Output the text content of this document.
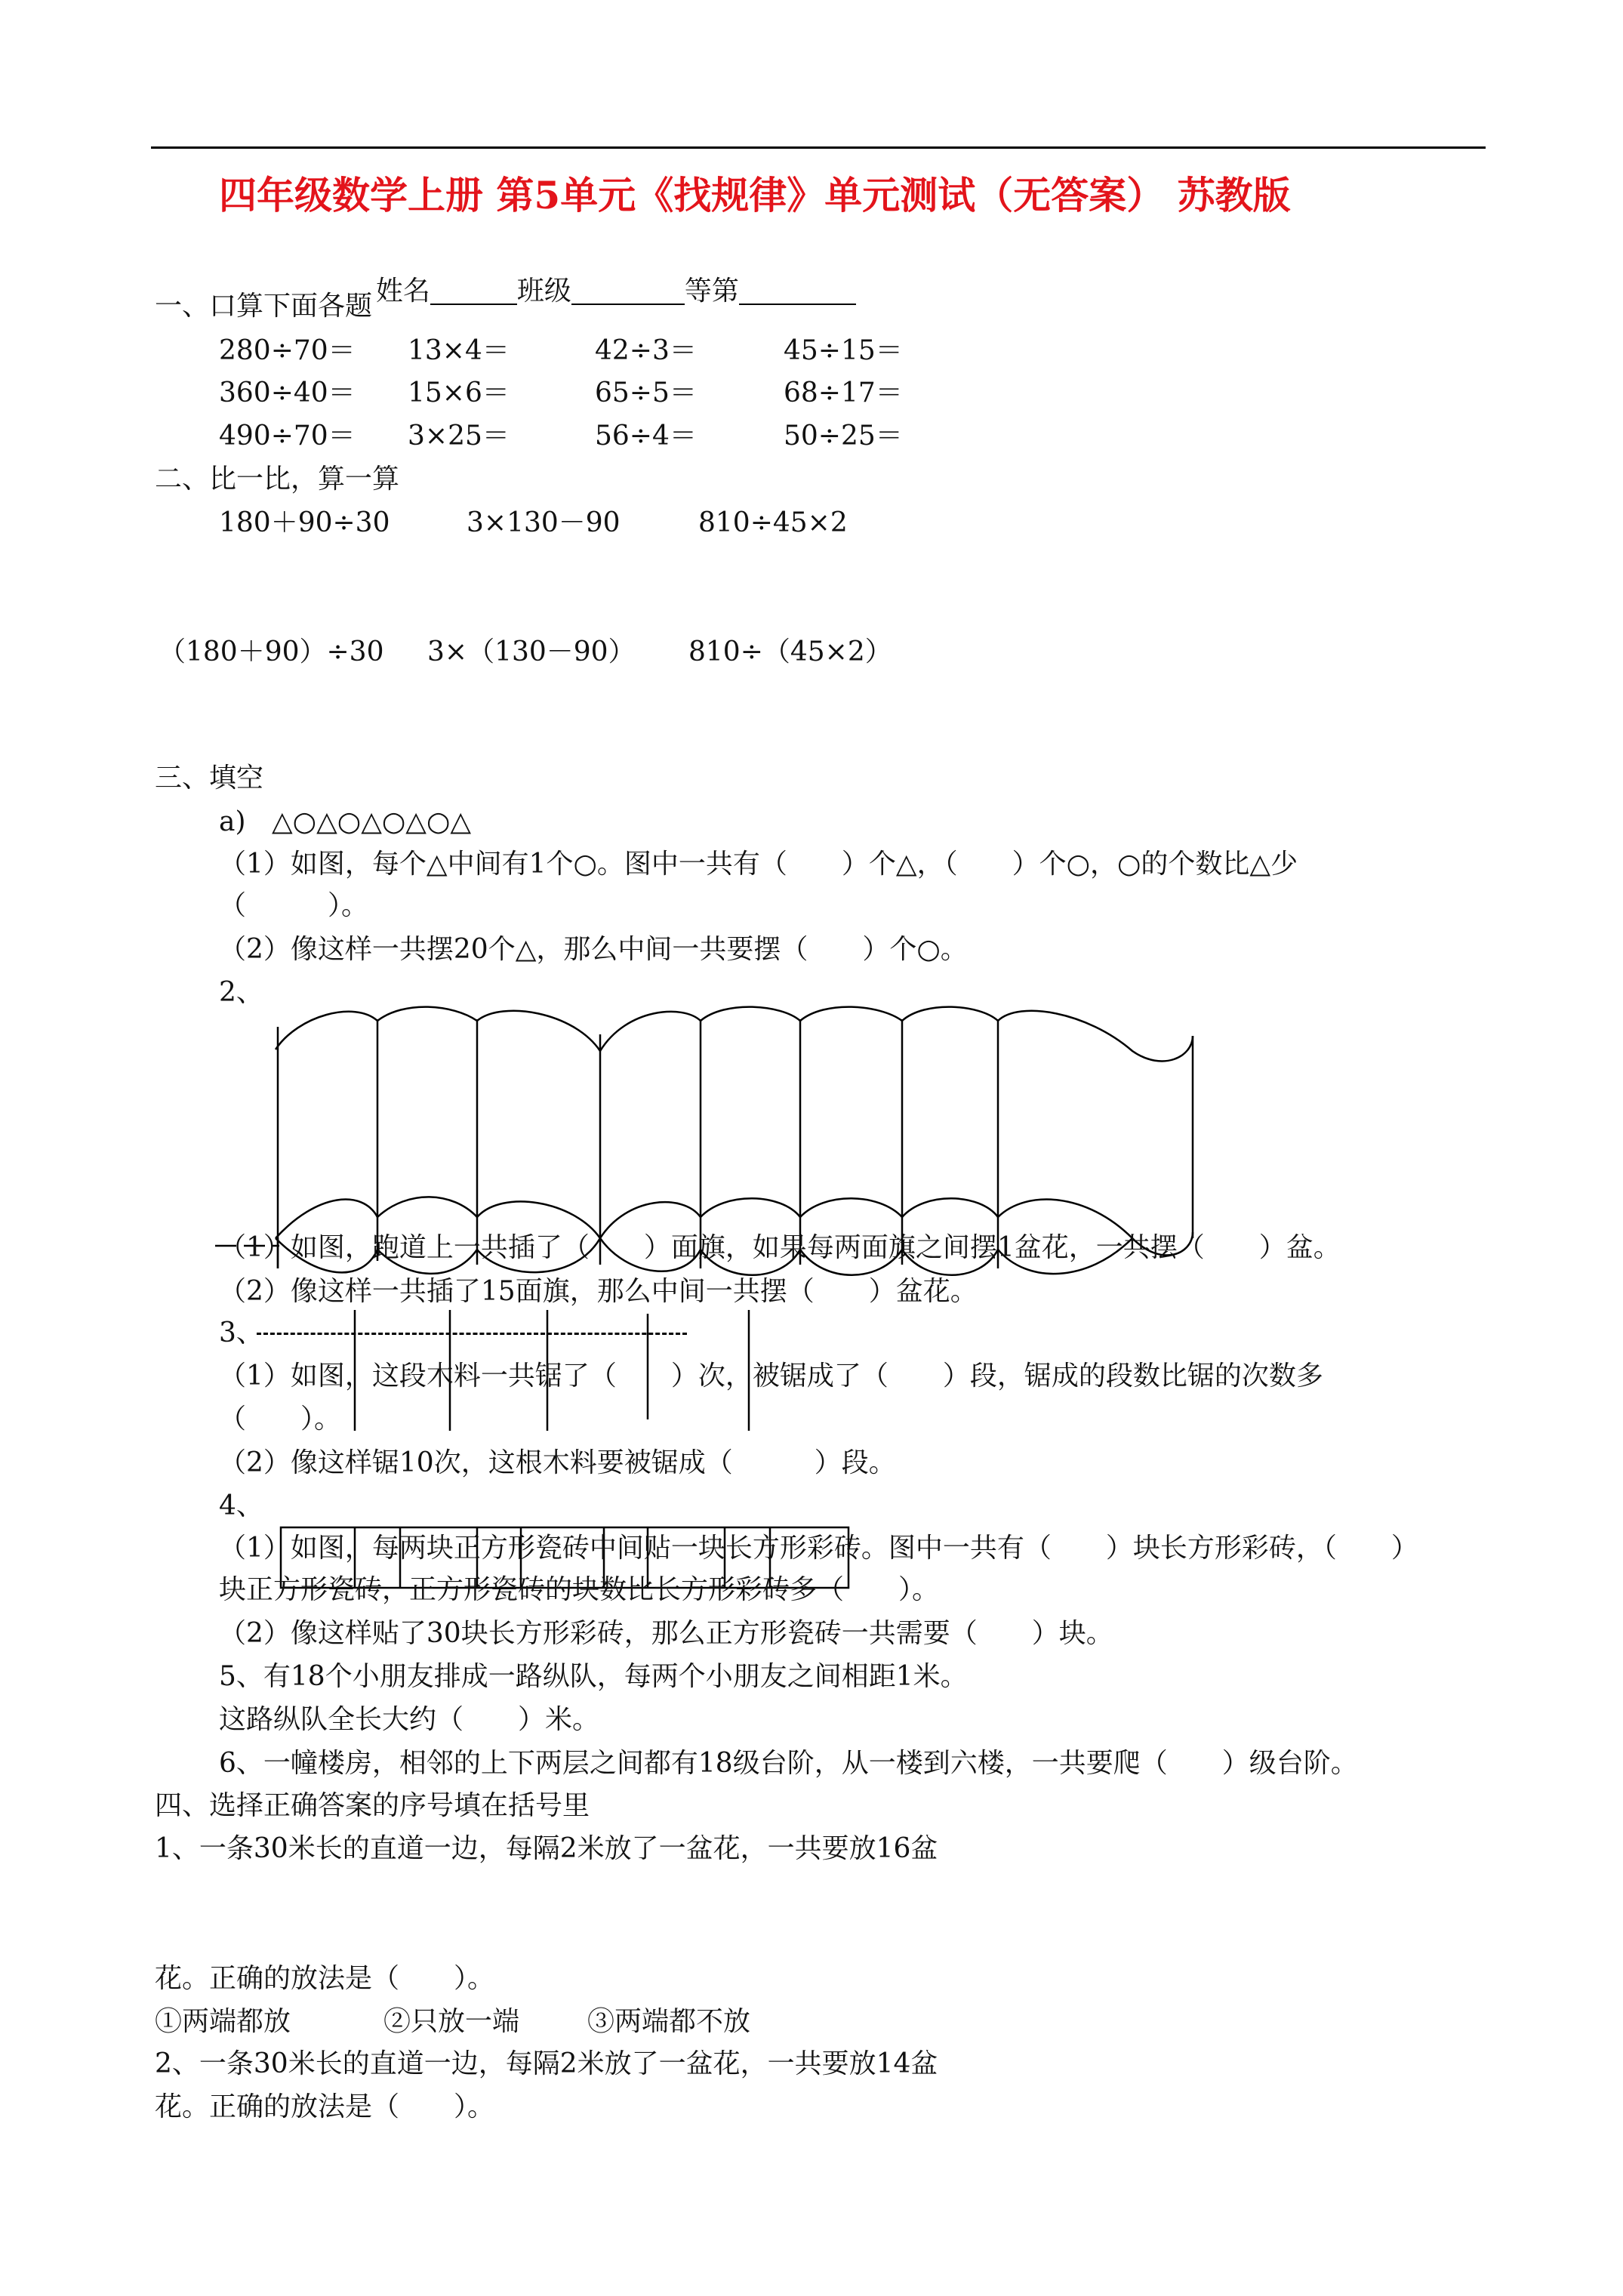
四年级数学上册 第5单元《找规律》单元测试（无答案） 苏教版

姓名	班级	等第

一、口算下面各题
280÷70＝ 13×4＝	42÷3＝	45÷15＝
360÷40＝ 15×6＝	65÷5＝	68÷17＝
490÷70＝ 3×25＝	56÷4＝	50÷25＝
二、比一比，算一算
180＋90÷30	3×130－90	810÷45×2
（180＋90）÷30 3×（130－90） 810÷（45×2）
三、填空
a) △○△○△○△○△
（1）如图，每个△中间有1个○。图中一共有（　　）个△，（　　）个○，○的个数比△少
（　　　）。
（2）像这样一共摆20个△，那么中间一共要摆（　　）个○。
2、
（1）如图，跑道上一共插了（　　）面旗，如果每两面旗之间摆1盆花，一共摆（　　）盆。
（2）像这样一共插了15面旗，那么中间一共摆（　　）盆花。
3、
（1）如图，这段木料一共锯了（　　）次，被锯成了（　　）段，锯成的段数比锯的次数多
（　　）。
（2）像这样锯10次，这根木料要被锯成（　　　）段。
4、
（1）如图，每两块正方形瓷砖中间贴一块长方形彩砖。图中一共有（　　）块长方形彩砖，（　　）
块正方形瓷砖，正方形瓷砖的块数比长方形彩砖多（　　）。
（2）像这样贴了30块长方形彩砖，那么正方形瓷砖一共需要（　　）块。
5、有18个小朋友排成一路纵队，每两个小朋友之间相距1米。
这路纵队全长大约（　　）米。
6、一幢楼房，相邻的上下两层之间都有18级台阶，从一楼到六楼，一共要爬（　　）级台阶。
四、选择正确答案的序号填在括号里
1、一条30米长的直道一边，每隔2米放了一盆花，一共要放16盆
花。正确的放法是（　　）。
①两端都放	②只放一端 ③两端都不放
2、一条30米长的直道一边，每隔2米放了一盆花，一共要放14盆
花。正确的放法是（　　）。
